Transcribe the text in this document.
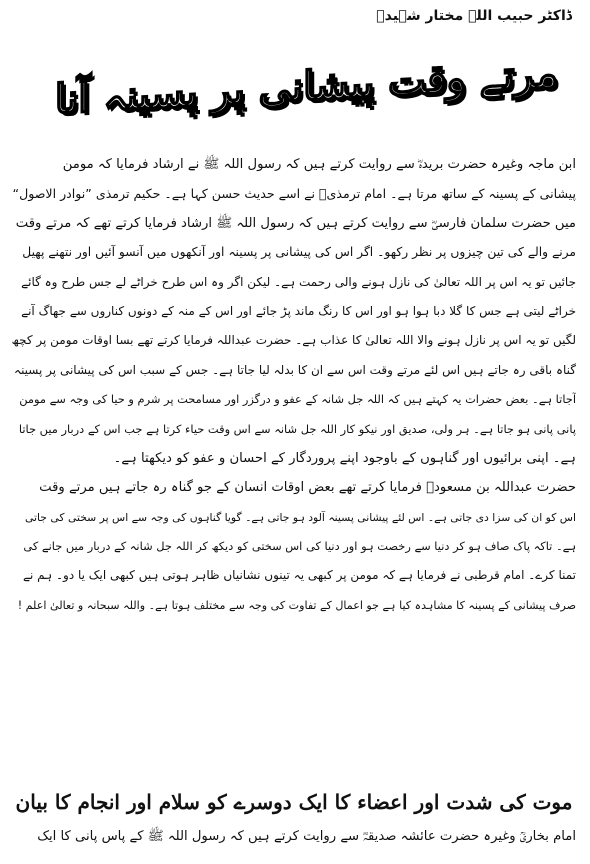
ڈاکٹر حبیب اللہ مختار شہیدؒ
مرتے وقت پیشانی پر پسینہ آنا
ابن ماجہ وغیرہ حضرت بریدہؓ سے روایت کرتے ہیں کہ رسول اللہ ﷺ نے ارشاد فرمایا کہ مومن
پیشانی کے پسینہ کے ساتھ مرتا ہے۔ امام ترمذیؒ نے اسے حدیث حسن کہا ہے۔ حکیم ترمذی ”نوادر الاصول“
میں حضرت سلمان فارسیؓ سے روایت کرتے ہیں کہ رسول اللہ ﷺ ارشاد فرمایا کرتے تھے کہ مرتے وقت
مرنے والے کی تین چیزوں پر نظر رکھو۔ اگر اس کی پیشانی پر پسینہ اور آنکھوں میں آنسو آئیں اور نتھنے پھیل
جائیں تو یہ اس پر اللہ تعالیٰ کی نازل ہونے والی رحمت ہے۔ لیکن اگر وہ اس طرح خراٹے لے جس طرح وہ گائے
خراٹے لیتی ہے جس کا گلا دبا ہوا ہو اور اس کا رنگ ماند پڑ جائے اور اس کے منہ کے دونوں کناروں سے جھاگ آنے
لگیں تو یہ اس پر نازل ہونے والا اللہ تعالیٰ کا عذاب ہے۔ حضرت عبداللہ فرمایا کرتے تھے بسا اوقات مومن پر کچھ
گناہ باقی رہ جاتے ہیں اس لئے مرتے وقت اس سے ان کا بدلہ لیا جاتا ہے۔ جس کے سبب اس کی پیشانی پر پسینہ
آجاتا ہے۔ بعض حضرات یہ کہتے ہیں کہ اللہ جل شانہ کے عفو و درگزر اور مسامحت پر شرم و حیا کی وجہ سے مومن
پانی پانی ہو جاتا ہے۔ ہر ولی، صدیق اور نیکو کار اللہ جل شانہ سے اس وقت حیاء کرتا ہے جب اس کے دربار میں جاتا
ہے۔ اپنی برائیوں اور گناہوں کے باوجود اپنے پروردگار کے احسان و عفو کو دیکھتا ہے۔
حضرت عبداللہ بن مسعودؓ فرمایا کرتے تھے بعض اوقات انسان کے جو گناہ رہ جاتے ہیں مرتے وقت
اس کو ان کی سزا دی جاتی ہے۔ اس لئے پیشانی پسینہ آلود ہو جاتی ہے۔ گویا گناہوں کی وجہ سے اس پر سختی کی جاتی
ہے۔ تاکہ پاک صاف ہو کر دنیا سے رخصت ہو اور دنیا کی اس سختی کو دیکھ کر اللہ جل شانہ کے دربار میں جانے کی
تمنا کرے۔ امام قرطبی نے فرمایا ہے کہ مومن پر کبھی یہ تینوں نشانیاں ظاہر ہوتی ہیں کبھی ایک یا دو۔ ہم نے
صرف پیشانی کے پسینہ کا مشاہدہ کیا ہے جو اعمال کے تفاوت کی وجہ سے مختلف ہوتا ہے۔ واللہ سبحانہ و تعالیٰ اعلم !
موت کی شدت اور اعضاء کا ایک دوسرے کو سلام اور انجام کا بیان
امام بخاریؒ وغیرہ حضرت عائشہ صدیقہؓ سے روایت کرتے ہیں کہ رسول اللہ ﷺ کے پاس پانی کا ایک
